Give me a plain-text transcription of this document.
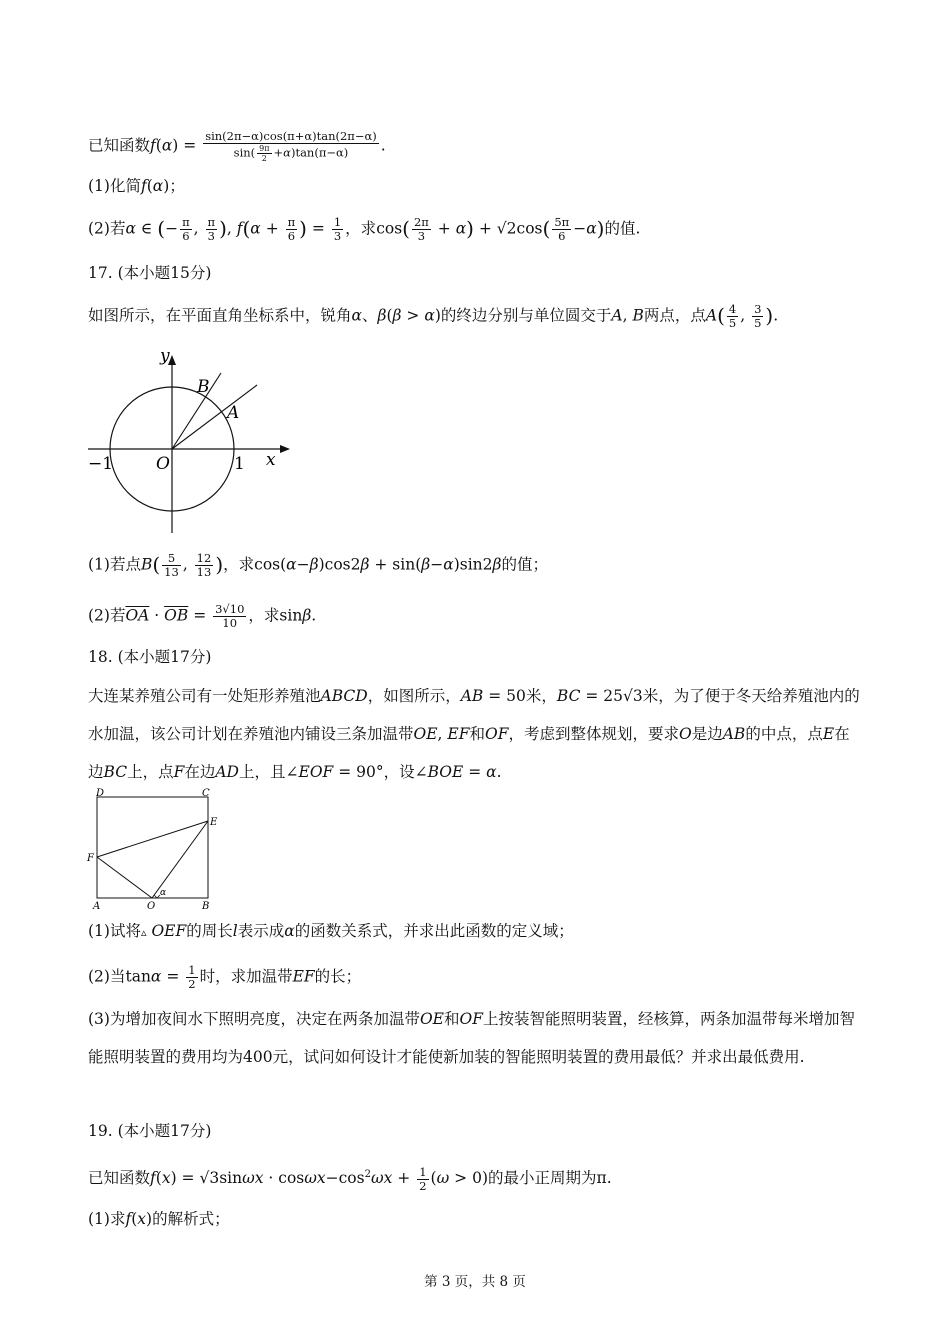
已知函数$f(\alpha) = \frac{\sin(2\pi-\alpha)\cos(\pi+\alpha)\tan(2\pi-\alpha)}{\sin( \frac{9\pi}{2} +\alpha)\tan(\pi-\alpha)}$ .
(1)化简f(α)；
(2)若α ∈ (− $\frac{\pi}{6}$ , $\frac{\pi}{3}$ ), $f(\alpha + \frac{\pi}{6}$ ) = $\frac{1}{3}$ ，求$\cos( \frac{2\pi}{3} + \alpha) + √2\cos( \frac{5\pi}{6} -\alpha)$的值.
17. (本小题15分)
如图所示，在平面直角坐标系中，锐角α、β(β > α)的终边分别与单位圆交于A, B两点，点$A( \frac{4}{5}$ , $\frac{3}{5}$ ).
y
B
A
x
O
−1	1
(1)若点$B( \frac{5}{13}$ , $\frac{12}{13}$ )，求cos(α−β)cos2β + sin(β−α)sin2β的值；
(2)若$\overline{OA} \cdot \overline{OB} = \frac{3√10}{10}$ ，求sinβ.
18. (本小题17分)
大连某养殖公司有一处矩形养殖池ABCD，如图所示，AB = 50米，BC = 25√3米，为了便于冬天给养殖池内的水加温，该公司计划在养殖池内铺设三条加温带OE, EF和OF，考虑到整体规划，要求O是边AB的中点，点E在边BC上，点F在边AD上，且∠EOF = 90°，设∠BOE = α.
D	C
E
F
A	O	B
α
(1)试将▵ OEF的周长l表示成α的函数关系式，并求出此函数的定义域；
(2)当$\tan\alpha = \frac{1}{2}$ 时，求加温带EF的长；
(3)为增加夜间水下照明亮度，决定在两条加温带OE和OF上按装智能照明装置，经核算，两条加温带每米增加智能照明装置的费用均为400元，试问如何设计才能使新加装的智能照明装置的费用最低？并求出最低费用.
19. (本小题17分)
已知函数$f(x) = √3\sin\omega x \cdot \cos\omega x-\cos^2\omega x + \frac{1}{2} (\omega > 0)$的最小正周期为π.
(1)求f(x)的解析式；
第 3 页，共 8 页
